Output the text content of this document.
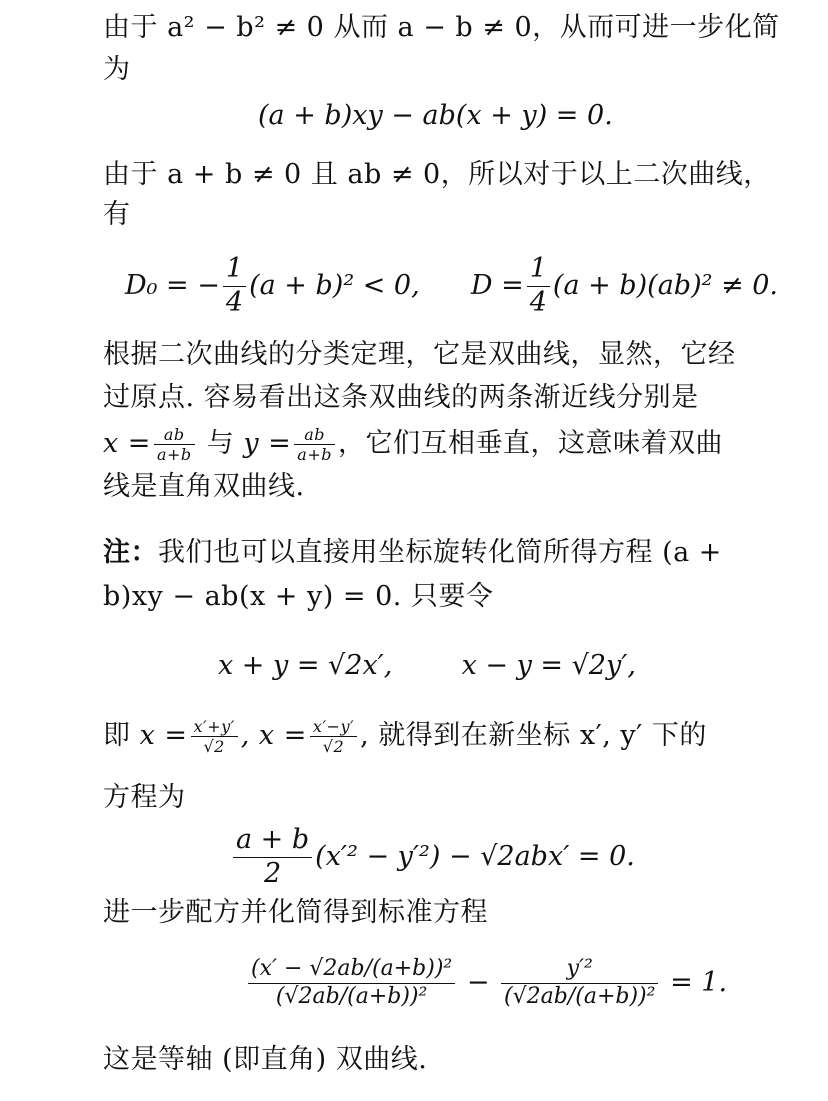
由于 a² − b² ≠ 0 从而 a − b ≠ 0，从而可进一步化简
为
(a + b)xy − ab(x + y) = 0.
由于 a + b ≠ 0 且 ab ≠ 0，所以对于以上二次曲线，
有
D₀ = − $\frac{1}{4} (a + b)^2 < 0$, $D = \frac{1}{4} (a + b)(ab)^2 \ne 0$.
根据二次曲线的分类定理，它是双曲线，显然，它经
过原点. 容易看出这条双曲线的两条渐近线分别是
$x = \frac{ab}{a+b}$ 与 $y = \frac{ab}{a+b}$ ，它们互相垂直，这意味着双曲
线是直角双曲线.
注：我们也可以直接用坐标旋转化简所得方程 (a +
b)xy − ab(x + y) = 0. 只要令
x + y = √2x′,	x − y = √2y′,
即 $x = \frac{x'+y'}{√2}$ , $x = \frac{x'-y'}{√2}$ , 就得到在新坐标 x′, y′ 下的
方程为
$\frac{a + b}{2} (x'^2 - y'^2) - √2abx' = 0$.
进一步配方并化简得到标准方程
$\frac{\text{(x′ − √2ab/(a+b))²}}{\text{(√2ab/(a+b))²}} - \frac{\text{y′²}}{\text{(√2ab/(a+b))²}} = 1$.
这是等轴 (即直角) 双曲线.
